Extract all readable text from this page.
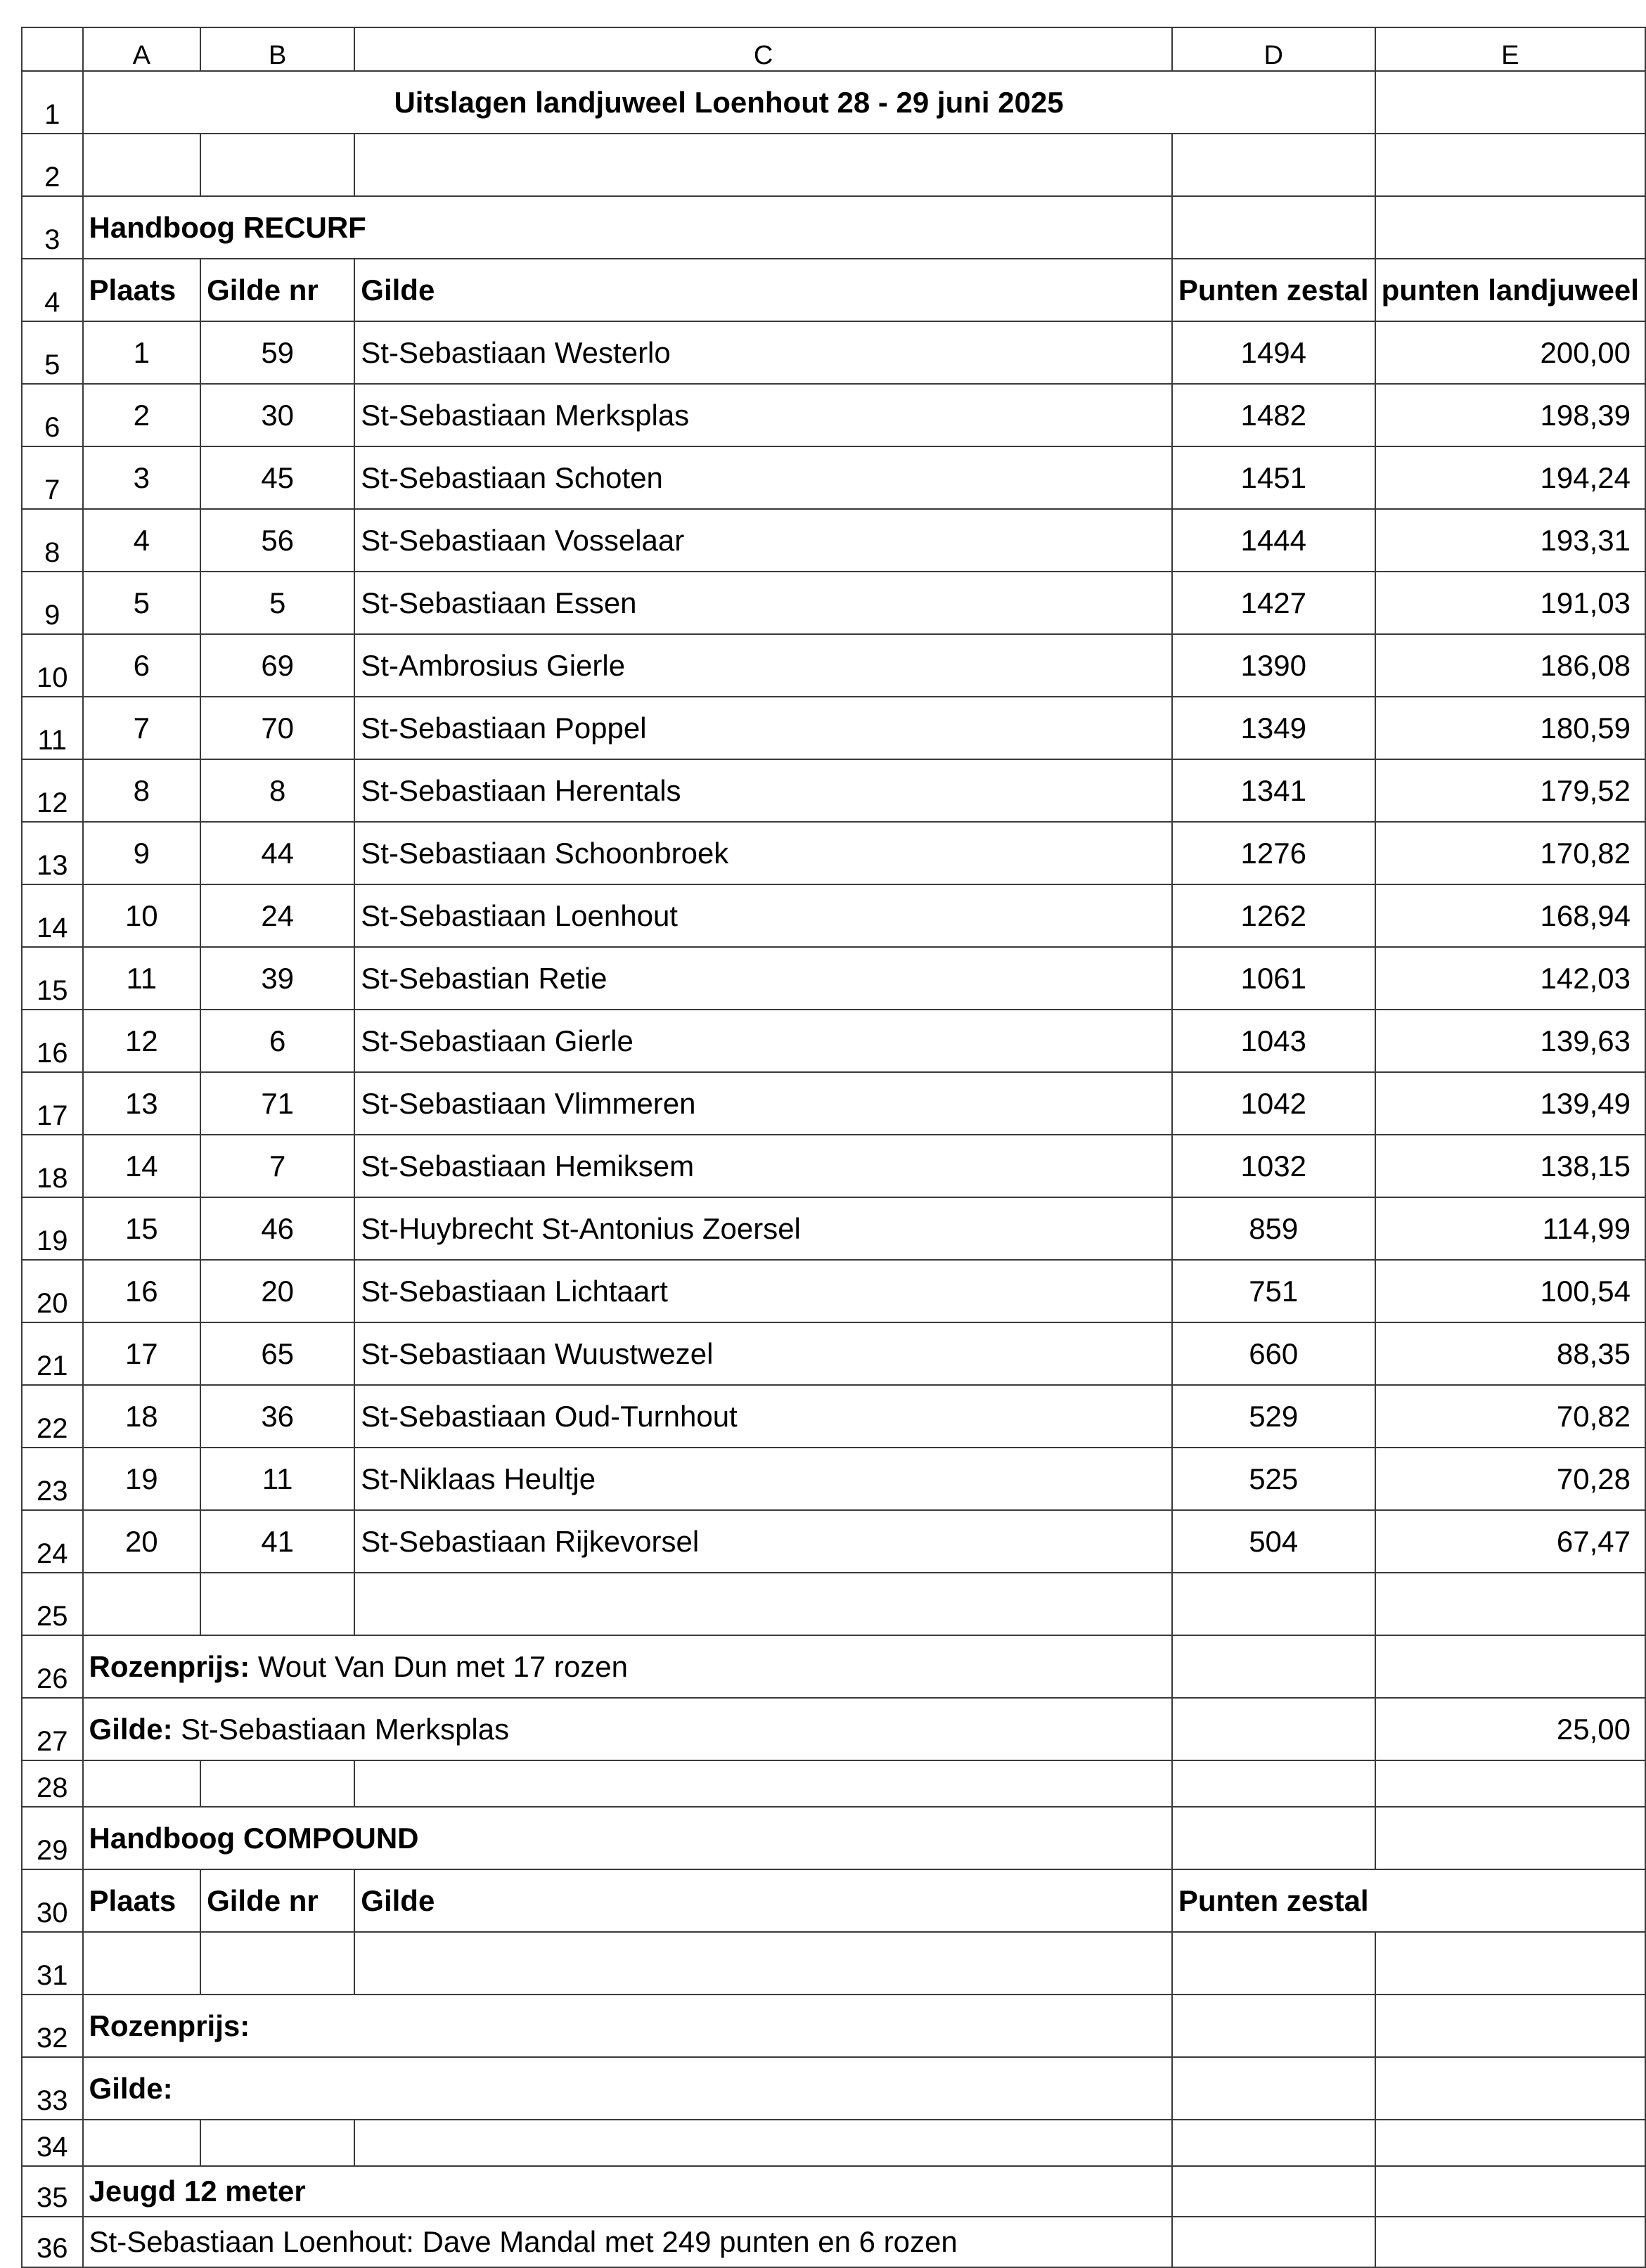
	A	B	C	D	E
1	Uitslagen landjuweel Loenhout 28 - 29 juni 2025				
2					
3	Handboog RECURF				
4	Plaats	Gilde nr	Gilde	Punten zestal	punten landjuweel
5	1	59	St-Sebastiaan Westerlo	1494	200,00
6	2	30	St-Sebastiaan Merksplas	1482	198,39
7	3	45	St-Sebastiaan Schoten	1451	194,24
8	4	56	St-Sebastiaan Vosselaar	1444	193,31
9	5	5	St-Sebastiaan Essen	1427	191,03
10	6	69	St-Ambrosius Gierle	1390	186,08
11	7	70	St-Sebastiaan Poppel	1349	180,59
12	8	8	St-Sebastiaan Herentals	1341	179,52
13	9	44	St-Sebastiaan Schoonbroek	1276	170,82
14	10	24	St-Sebastiaan Loenhout	1262	168,94
15	11	39	St-Sebastian Retie	1061	142,03
16	12	6	St-Sebastiaan Gierle	1043	139,63
17	13	71	St-Sebastiaan Vlimmeren	1042	139,49
18	14	7	St-Sebastiaan Hemiksem	1032	138,15
19	15	46	St-Huybrecht St-Antonius Zoersel	859	114,99
20	16	20	St-Sebastiaan Lichtaart	751	100,54
21	17	65	St-Sebastiaan Wuustwezel	660	88,35
22	18	36	St-Sebastiaan Oud-Turnhout	529	70,82
23	19	11	St-Niklaas Heultje	525	70,28
24	20	41	St-Sebastiaan Rijkevorsel	504	67,47
25					
26	Rozenprijs: Wout Van Dun met 17 rozen				
27	Gilde: St-Sebastiaan Merksplas				25,00
28					
29	Handboog COMPOUND				
30	Plaats	Gilde nr	Gilde	Punten zestal	
31					
32	Rozenprijs:				
33	Gilde:				
34					
35	Jeugd 12 meter				
36	St-Sebastiaan Loenhout: Dave Mandal met 249 punten en 6 rozen				
